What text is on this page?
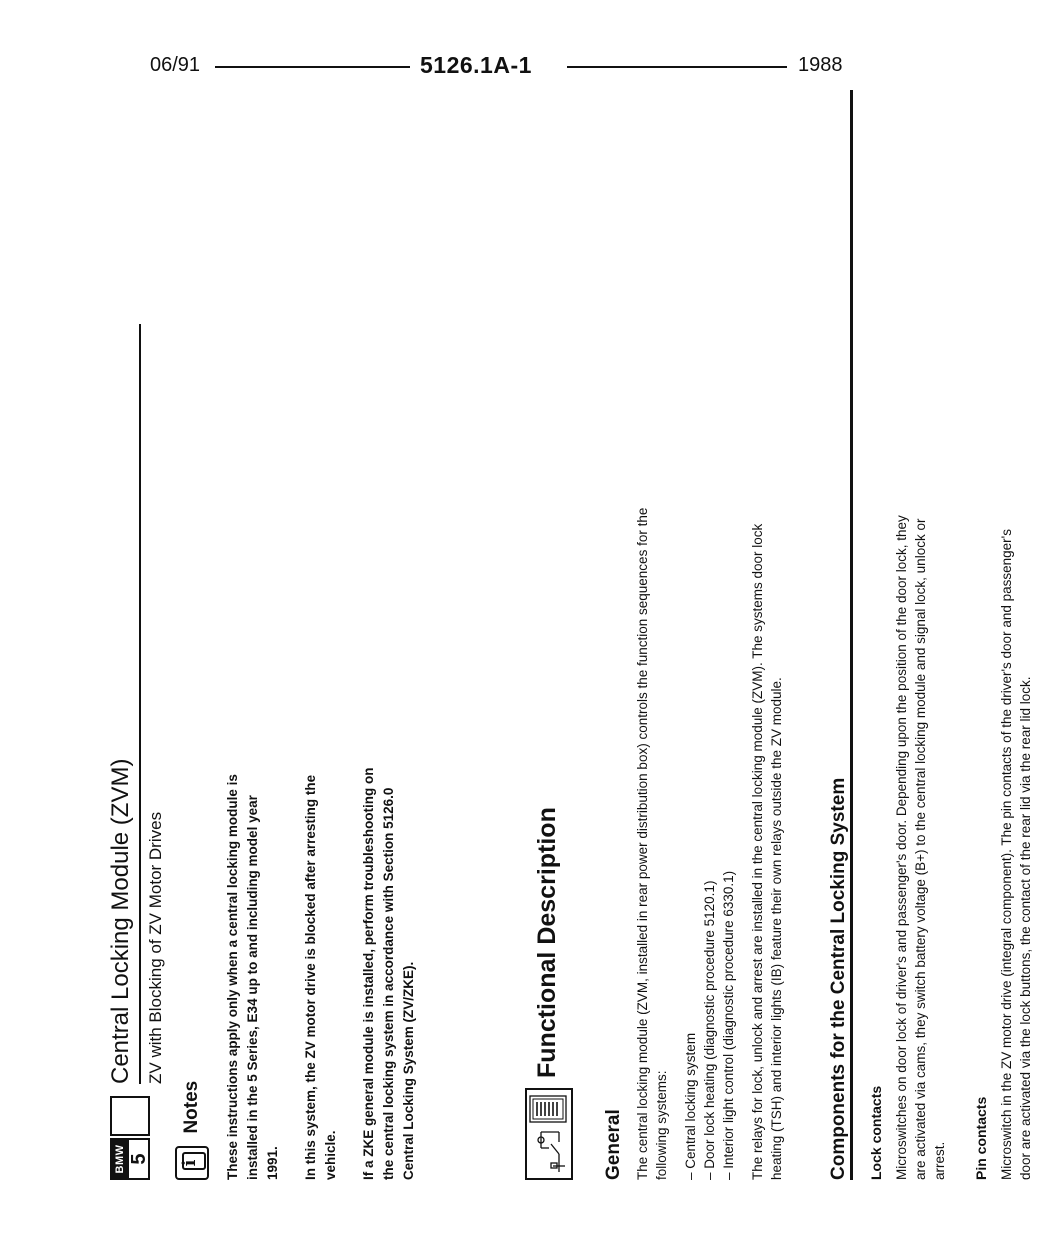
06/91	5126.1A-1	1988

BMW 5
Central Locking Module (ZVM) ZV with Blocking of ZV Motor Drives

i
Notes	These instructions apply only when a central locking module is installed in the 5 Series, E34 up to and including model year 1991. In this system, the ZV motor drive is blocked after arresting the vehicle. If a ZKE general module is installed, perform troubleshooting on the central locking system in accordance with Section 5126.0 Central Locking System (ZV/ZKE).	Functional Description
General The central locking module (ZVM, installed in rear power distribution box) controls the function sequences for the following systems: – Central locking system – Door lock heating (diagnostic procedure 5120.1) – Interior light control (diagnostic procedure 6330.1) The relays for lock, unlock and arrest are installed in the central locking module (ZVM). The systems door lock heating (TSH) and interior lights (IB) feature their own relays outside the ZV module. Components for the Central Locking System Lock contacts Microswitches on door lock of driver's and passenger's door. Depending upon the position of the door lock, they are activated via cams, they switch battery voltage (B+) to the central locking module and signal lock, unlock or arrest. Pin contacts Microswitch in the ZV motor drive (integral component). The pin contacts of the driver's door and passenger's door are activated via the lock buttons, the contact of the rear lid via the rear lid lock.
